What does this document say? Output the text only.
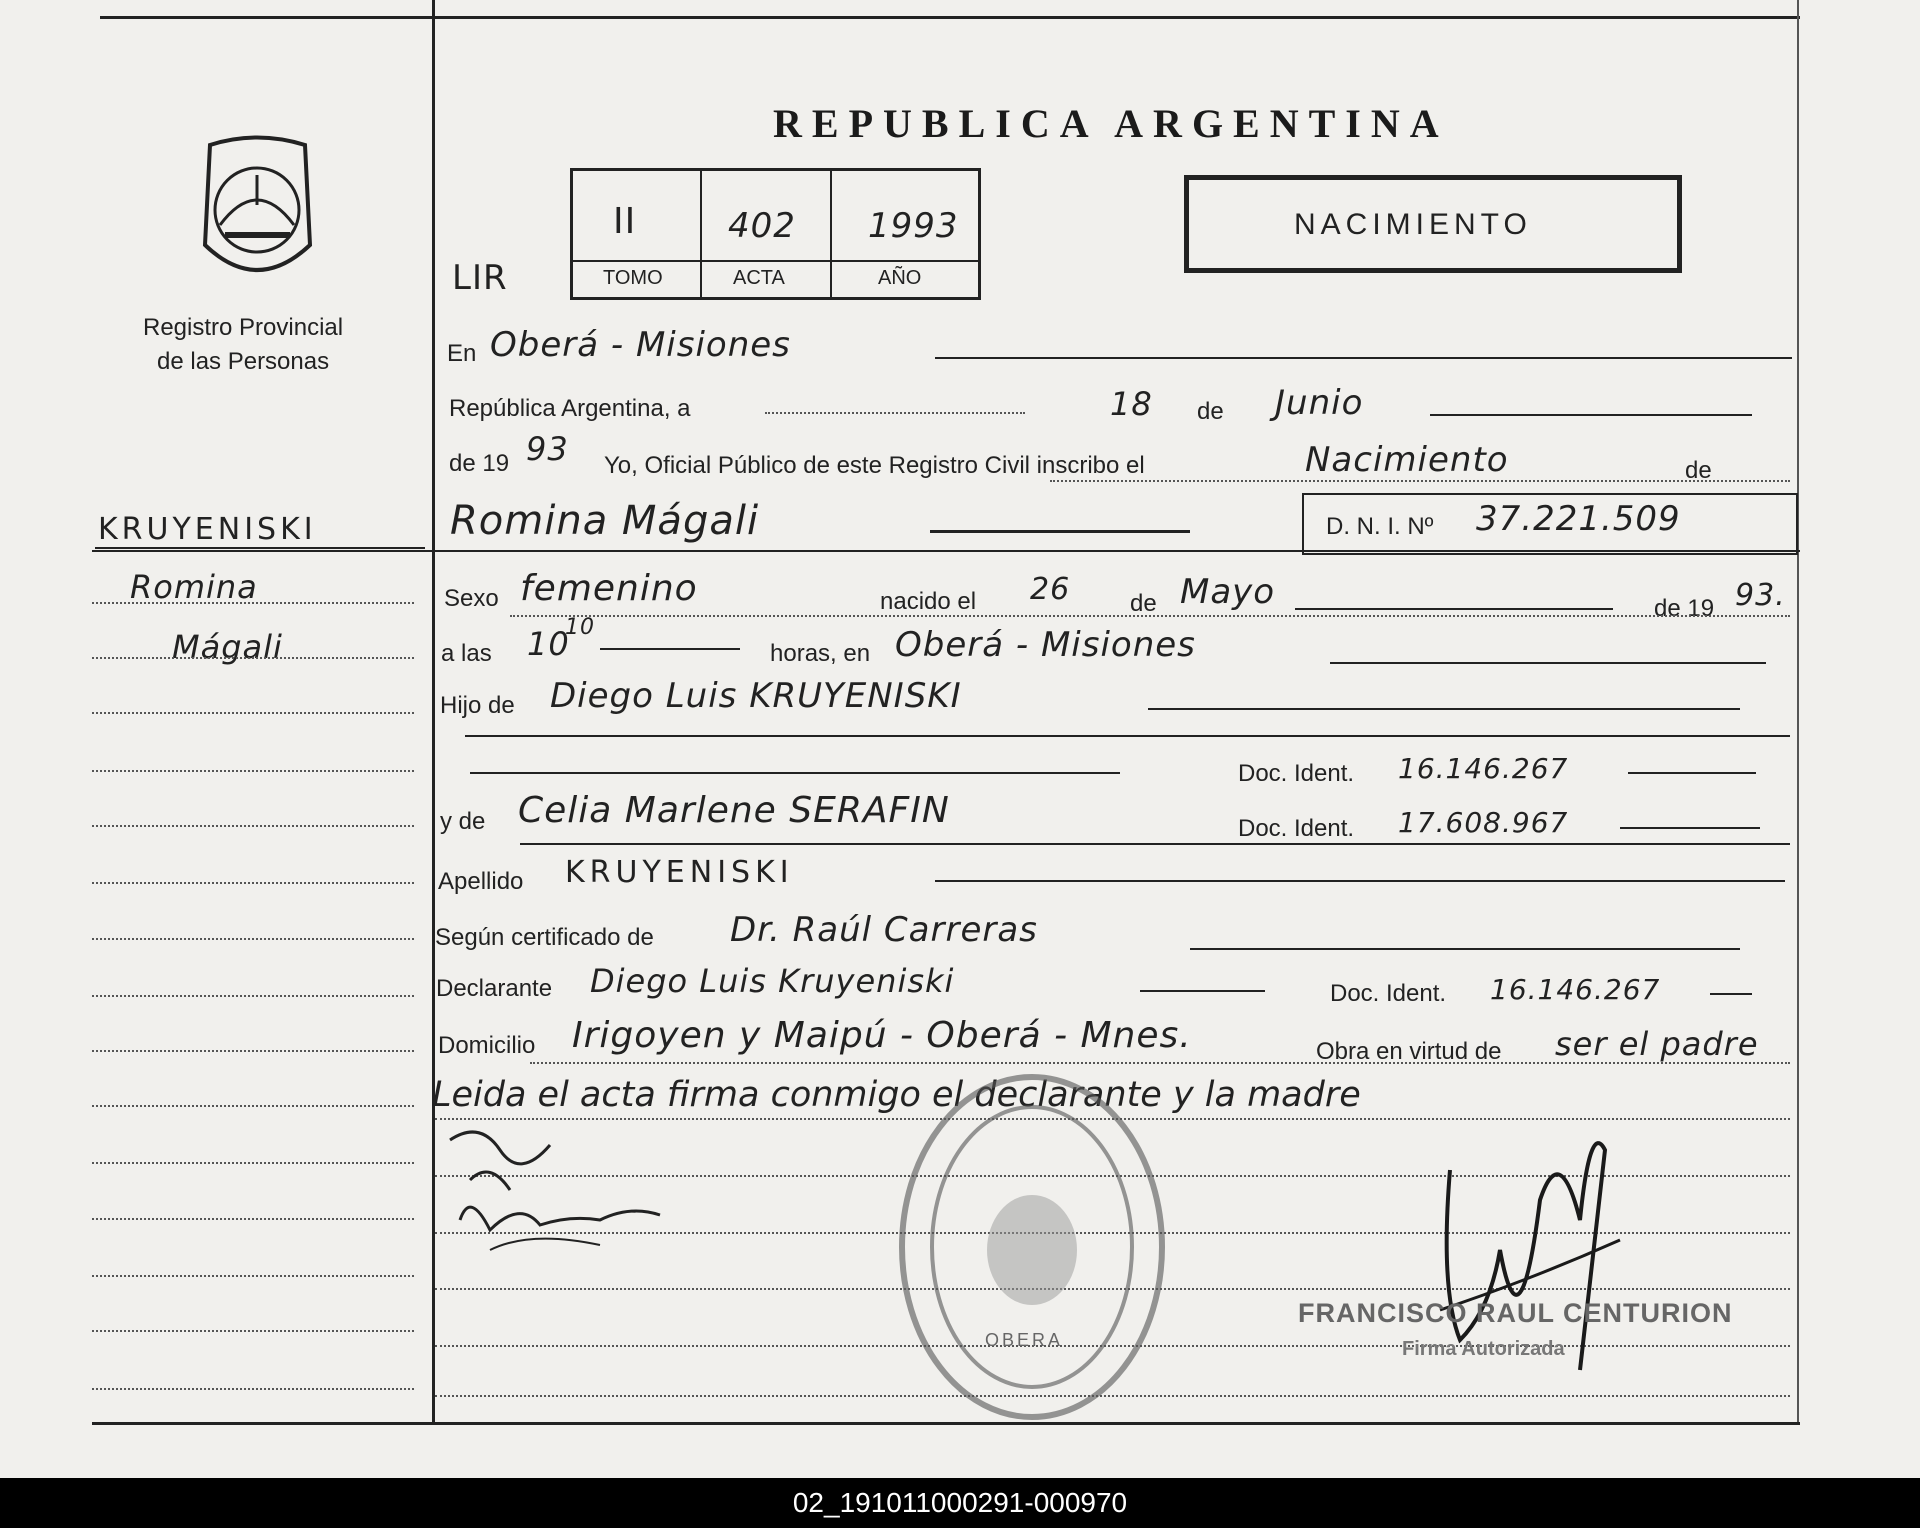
Registro Provincial
de las Personas
REPUBLICA ARGENTINA
LIR
II	402 1993
TOMO	ACTA	AÑO
NACIMIENTO
KRUYENISKI
Romina
Mágali
En Oberá - Misiones
República Argentina, a	18 de Junio
de 19 93 Yo, Oficial Público de este Registro Civil inscribo el	Nacimiento	de
Romina Mágali	D. N. I. Nº 37.221.509
Sexo femenino	nacido el 26 de Mayo	de 19 93.
a las 10
10
horas, en Oberá - Misiones
Hijo de Diego Luis KRUYENISKI
Doc. Ident. 16.146.267
y de Celia Marlene SERAFIN	Doc. Ident. 17.608.967
Apellido KRUYENISKI
Según certificado de Dr. Raúl Carreras
Declarante Diego Luis Kruyeniski	Doc. Ident. 16.146.267
Domicilio Irigoyen y Maipú - Oberá - Mnes.	Obra en virtud de ser el padre
Leida el acta firma conmigo el declarante y la madre
OBERA
FRANCISCO RAUL CENTURION
Firma Autorizada
02_191011000291-000970
